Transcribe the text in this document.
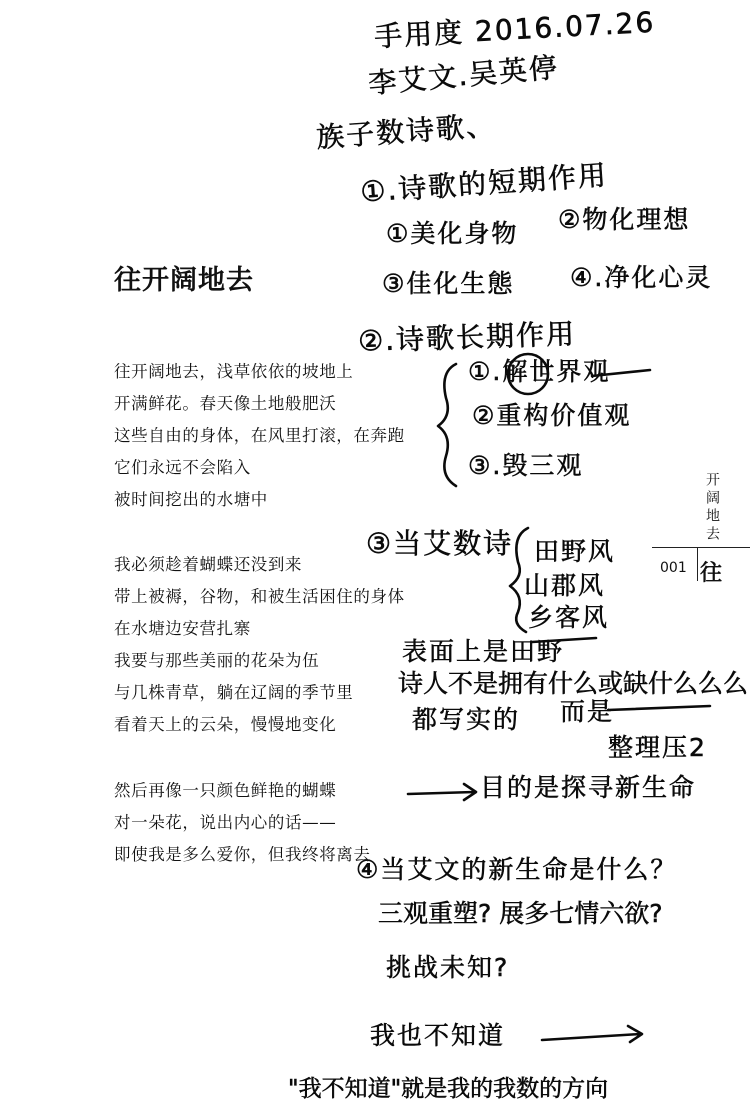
往开阔地去
往开阔地去，浅草依依的坡地上
开满鲜花。春天像土地般肥沃
这些自由的身体，在风里打滚，在奔跑
它们永远不会陷入
被时间挖出的水塘中
我必须趁着蝴蝶还没到来
带上被褥，谷物，和被生活困住的身体
在水塘边安营扎寨
我要与那些美丽的花朵为伍
与几株青草，躺在辽阔的季节里
看着天上的云朵，慢慢地变化
然后再像一只颜色鲜艳的蝴蝶
对一朵花，说出内心的话——
即使我是多么爱你，但我终将离去
001
开阔地去
往
手用度 2016.07.26
李艾文.吴英停
族子数诗歌、
①.诗歌的短期作用
①美化身物 ②物化理想
③佳化生態 ④.净化心灵
②.诗歌长期作用
①.解世界观
②重构价值观
③.毁三观
③当艾数诗 田野风
山郡风
乡客风
表面上是田野
诗人不是拥有什么或缺什么么么
都写实的 而是
整理压2
目的是探寻新生命
④当艾文的新生命是什么？
三观重塑? 展多七情六欲?
挑战未知?
我也不知道
"我不知道"就是我的我数的方向
